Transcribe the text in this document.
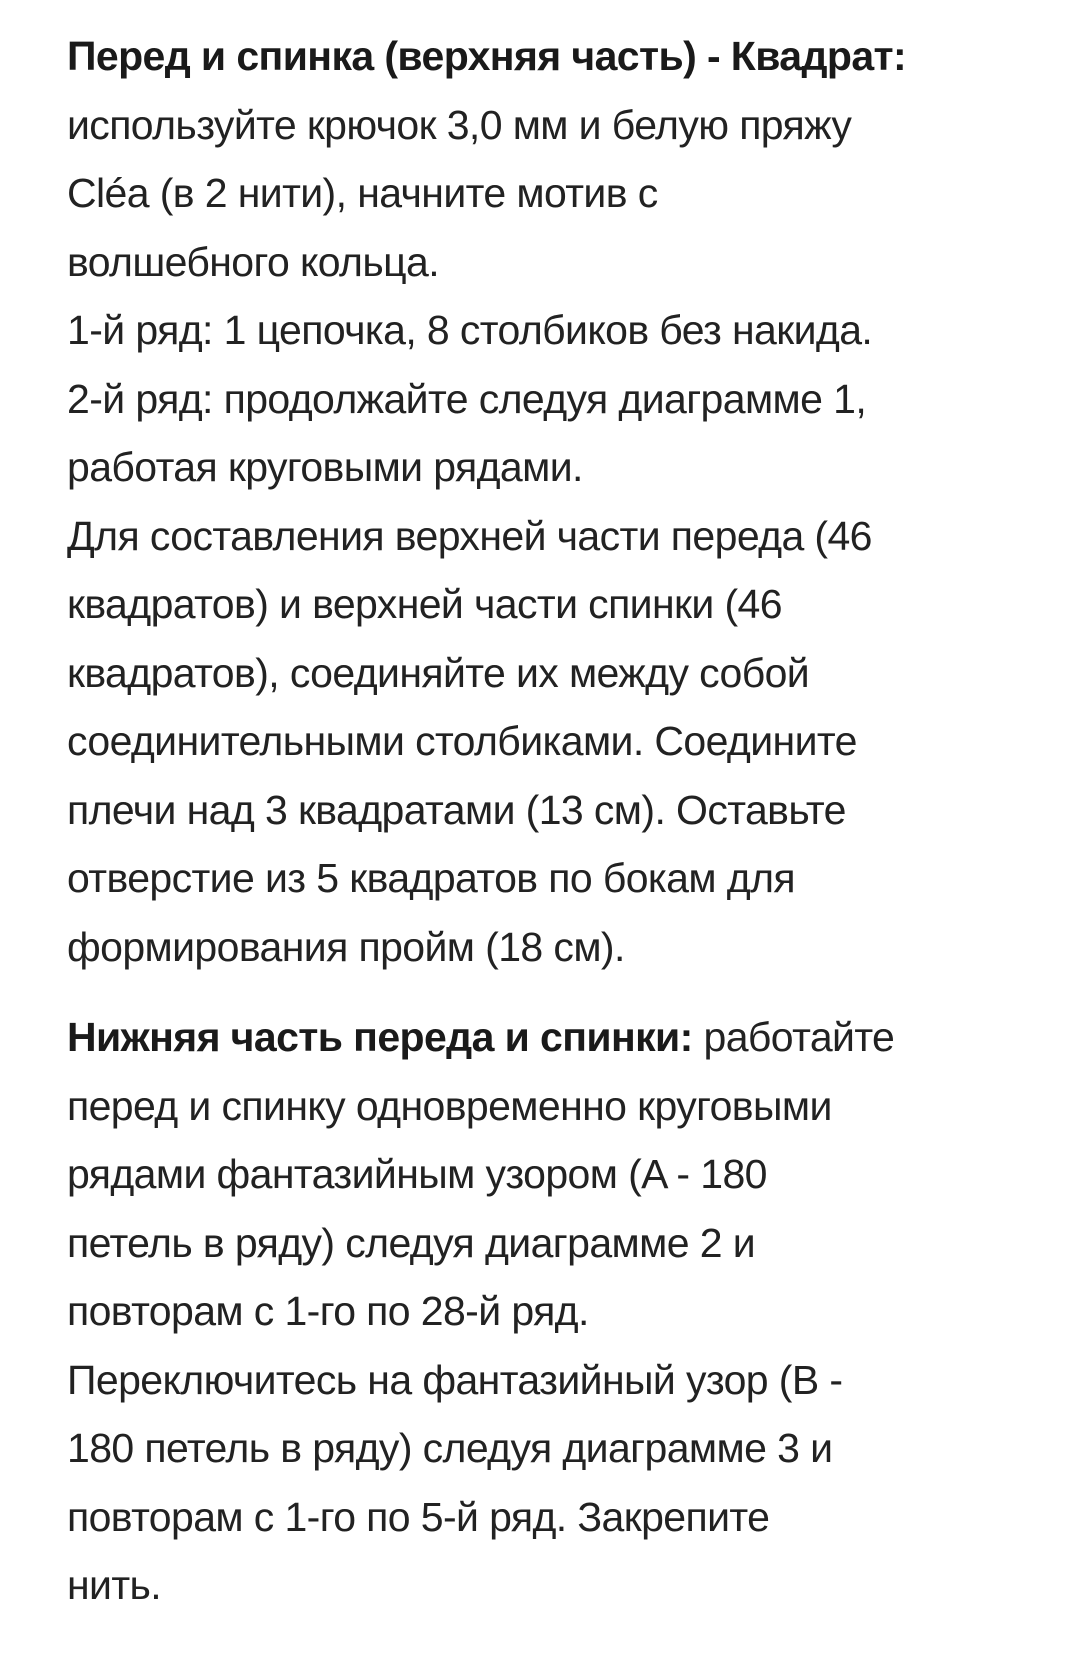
Перед и спинка (верхняя часть) - Квадрат:
используйте крючок 3,0 мм и белую пряжу
Cléa (в 2 нити), начните мотив с
волшебного кольца.
1-й ряд: 1 цепочка, 8 столбиков без накида.
2-й ряд: продолжайте следуя диаграмме 1,
работая круговыми рядами.
Для составления верхней части переда (46
квадратов) и верхней части спинки (46
квадратов), соединяйте их между собой
соединительными столбиками. Соедините
плечи над 3 квадратами (13 см). Оставьте
отверстие из 5 квадратов по бокам для
формирования пройм (18 см).
Нижняя часть переда и спинки: работайте
перед и спинку одновременно круговыми
рядами фантазийным узором (A - 180
петель в ряду) следуя диаграмме 2 и
повторам с 1-го по 28-й ряд.
Переключитесь на фантазийный узор (B -
180 петель в ряду) следуя диаграмме 3 и
повторам с 1-го по 5-й ряд. Закрепите
нить.
